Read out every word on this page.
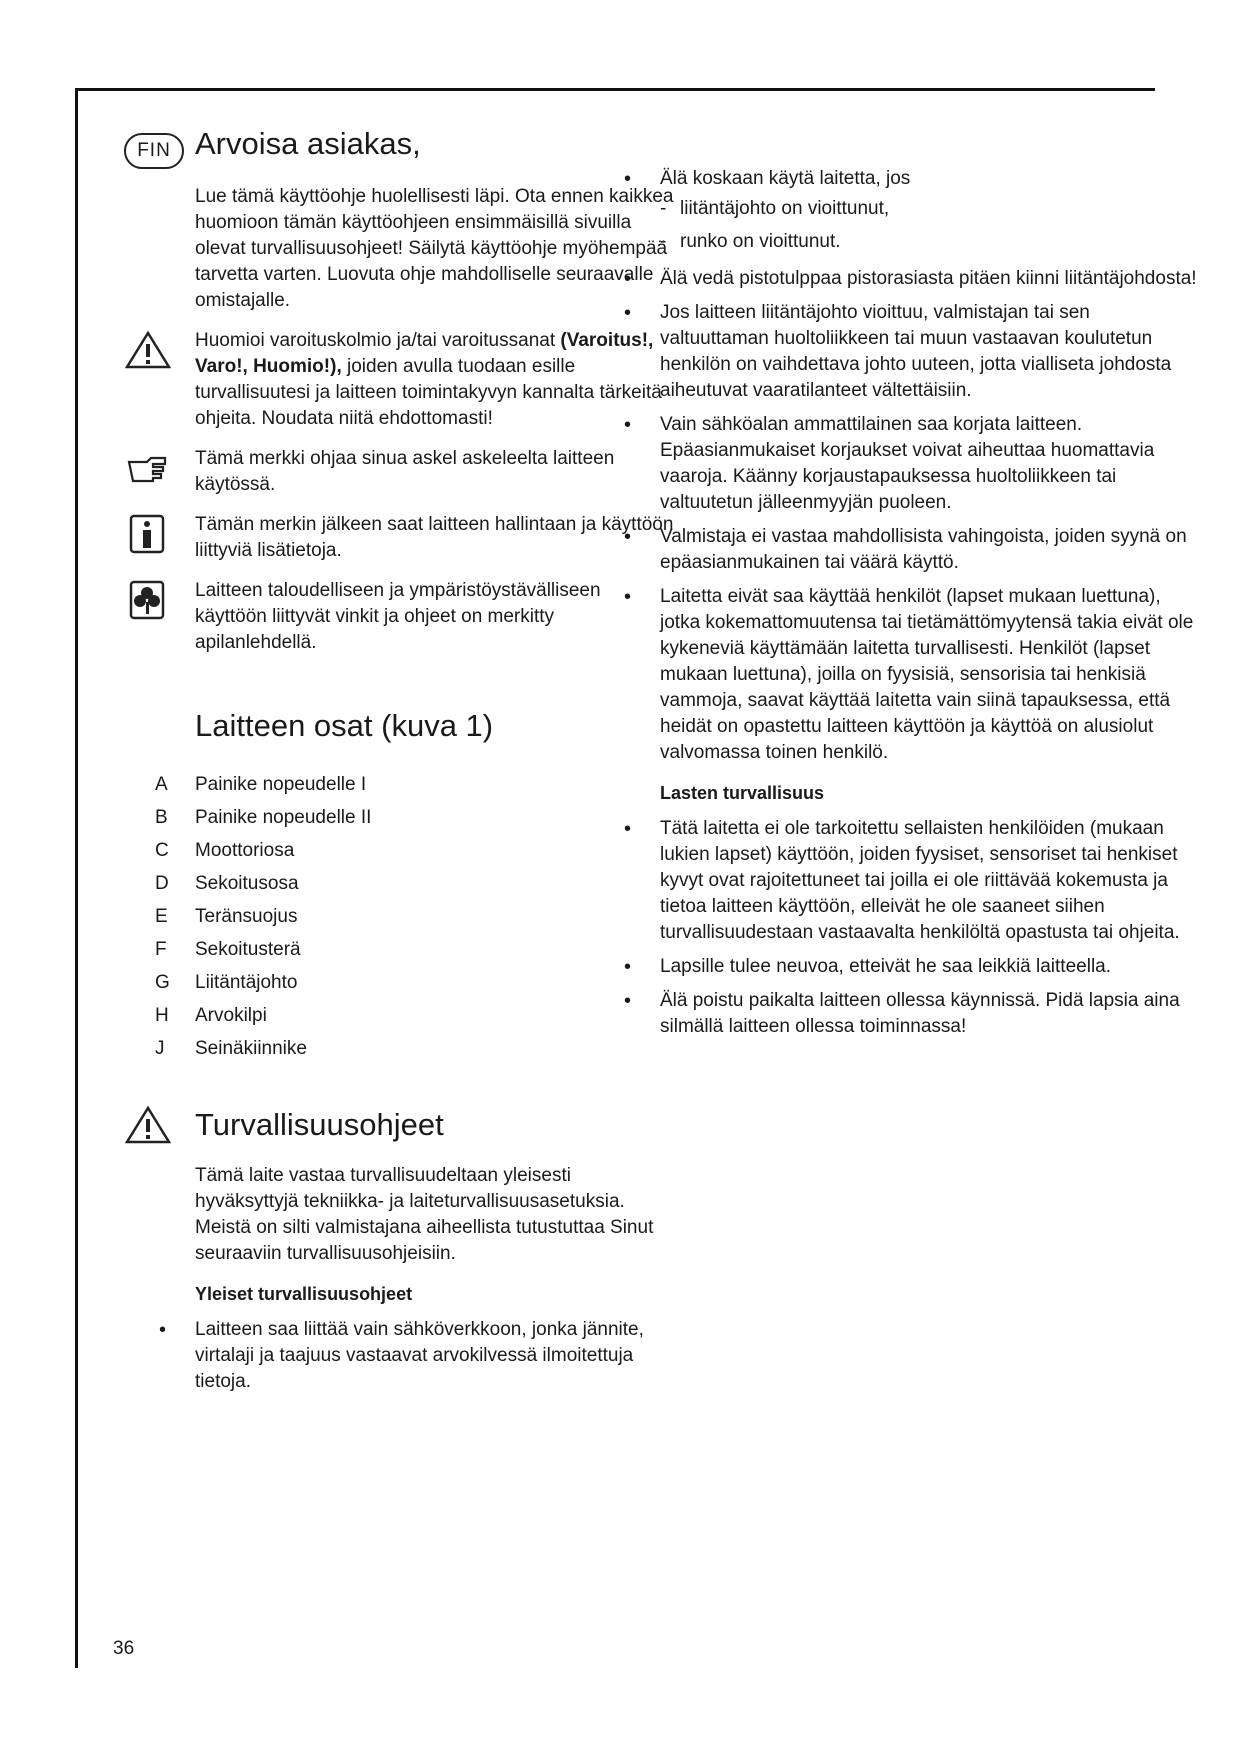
FIN Arvoisa asiakas,

Lue tämä käyttöohje huolellisesti läpi. Ota ennen kaikkea huomioon tämän käyttöohjeen ensimmäisillä sivuilla olevat turvallisuusohjeet! Säilytä käyttöohje myöhempää tarvetta varten. Luovuta ohje mahdolliselle seuraavalle omistajalle.

Huomioi varoituskolmio ja/tai varoitussanat (Varoitus!, Varo!, Huomio!), joiden avulla tuodaan esille turvallisuutesi ja laitteen toimintakyvyn kannalta tärkeitä ohjeita. Noudata niitä ehdottomasti!

Tämä merkki ohjaa sinua askel askeleelta laitteen käytössä.

Tämän merkin jälkeen saat laitteen hallintaan ja käyttöön liittyviä lisätietoja.

Laitteen taloudelliseen ja ympäristöystävälliseen käyttöön liittyvät vinkit ja ohjeet on merkitty apilanlehdellä.

Laitteen osat (kuva 1)
A	Painike nopeudelle I
B	Painike nopeudelle II
C	Moottoriosa
D	Sekoitusosa
E	Teränsuojus
F	Sekoitusterä
G Liitäntäjohto
H	Arvokilpi
J	Seinäkiinnike
Turvallisuusohjeet

Tämä laite vastaa turvallisuudeltaan yleisesti hyväksyttyjä tekniikka- ja laiteturvallisuusasetuksia. Meistä on silti valmistajana aiheellista tutustuttaa Sinut seuraaviin turvallisuusohjeisiin.

Yleiset turvallisuusohjeet
• Laitteen saa liittää vain sähköverkkoon, jonka jännite, virtalaji ja taajuus vastaavat arvokilvessä ilmoitettuja tietoja.
• Älä koskaan käytä laitetta, jos
- liitäntäjohto on vioittunut,
- runko on vioittunut.
• Älä vedä pistotulppaa pistorasiasta pitäen kiinni liitäntäjohdosta!
• Jos laitteen liitäntäjohto vioittuu, valmistajan tai sen valtuuttaman huoltoliikkeen tai muun vastaavan koulutetun henkilön on vaihdettava johto uuteen, jotta vialliseta johdosta aiheutuvat vaaratilanteet vältettäisiin.
• Vain sähköalan ammattilainen saa korjata laitteen. Epäasianmukaiset korjaukset voivat aiheuttaa huomattavia vaaroja. Käänny korjaustapauksessa huoltoliikkeen tai valtuutetun jälleenmyyjän puoleen.
• Valmistaja ei vastaa mahdollisista vahingoista, joiden syynä on epäasianmukainen tai väärä käyttö.
• Laitetta eivät saa käyttää henkilöt (lapset mukaan luettuna), jotka kokemattomuutensa tai tietämättömyytensä takia eivät ole kykeneviä käyttämään laitetta turvallisesti. Henkilöt (lapset mukaan luettuna), joilla on fyysisiä, sensorisia tai henkisiä vammoja, saavat käyttää laitetta vain siinä tapauksessa, että heidät on opastettu laitteen käyttöön ja käyttöä on alusiolut valvomassa toinen henkilö.
Lasten turvallisuus
• Tätä laitetta ei ole tarkoitettu sellaisten henkilöiden (mukaan lukien lapset) käyttöön, joiden fyysiset, sensoriset tai henkiset kyvyt ovat rajoitettuneet tai joilla ei ole riittävää kokemusta ja tietoa laitteen käyttöön, elleivät he ole saaneet siihen turvallisuudestaan vastaavalta henkilöltä opastusta tai ohjeita.
• Lapsille tulee neuvoa, etteivät he saa leikkiä laitteella.
• Älä poistu paikalta laitteen ollessa käynnissä. Pidä lapsia aina silmällä laitteen ollessa toiminnassa!
36
